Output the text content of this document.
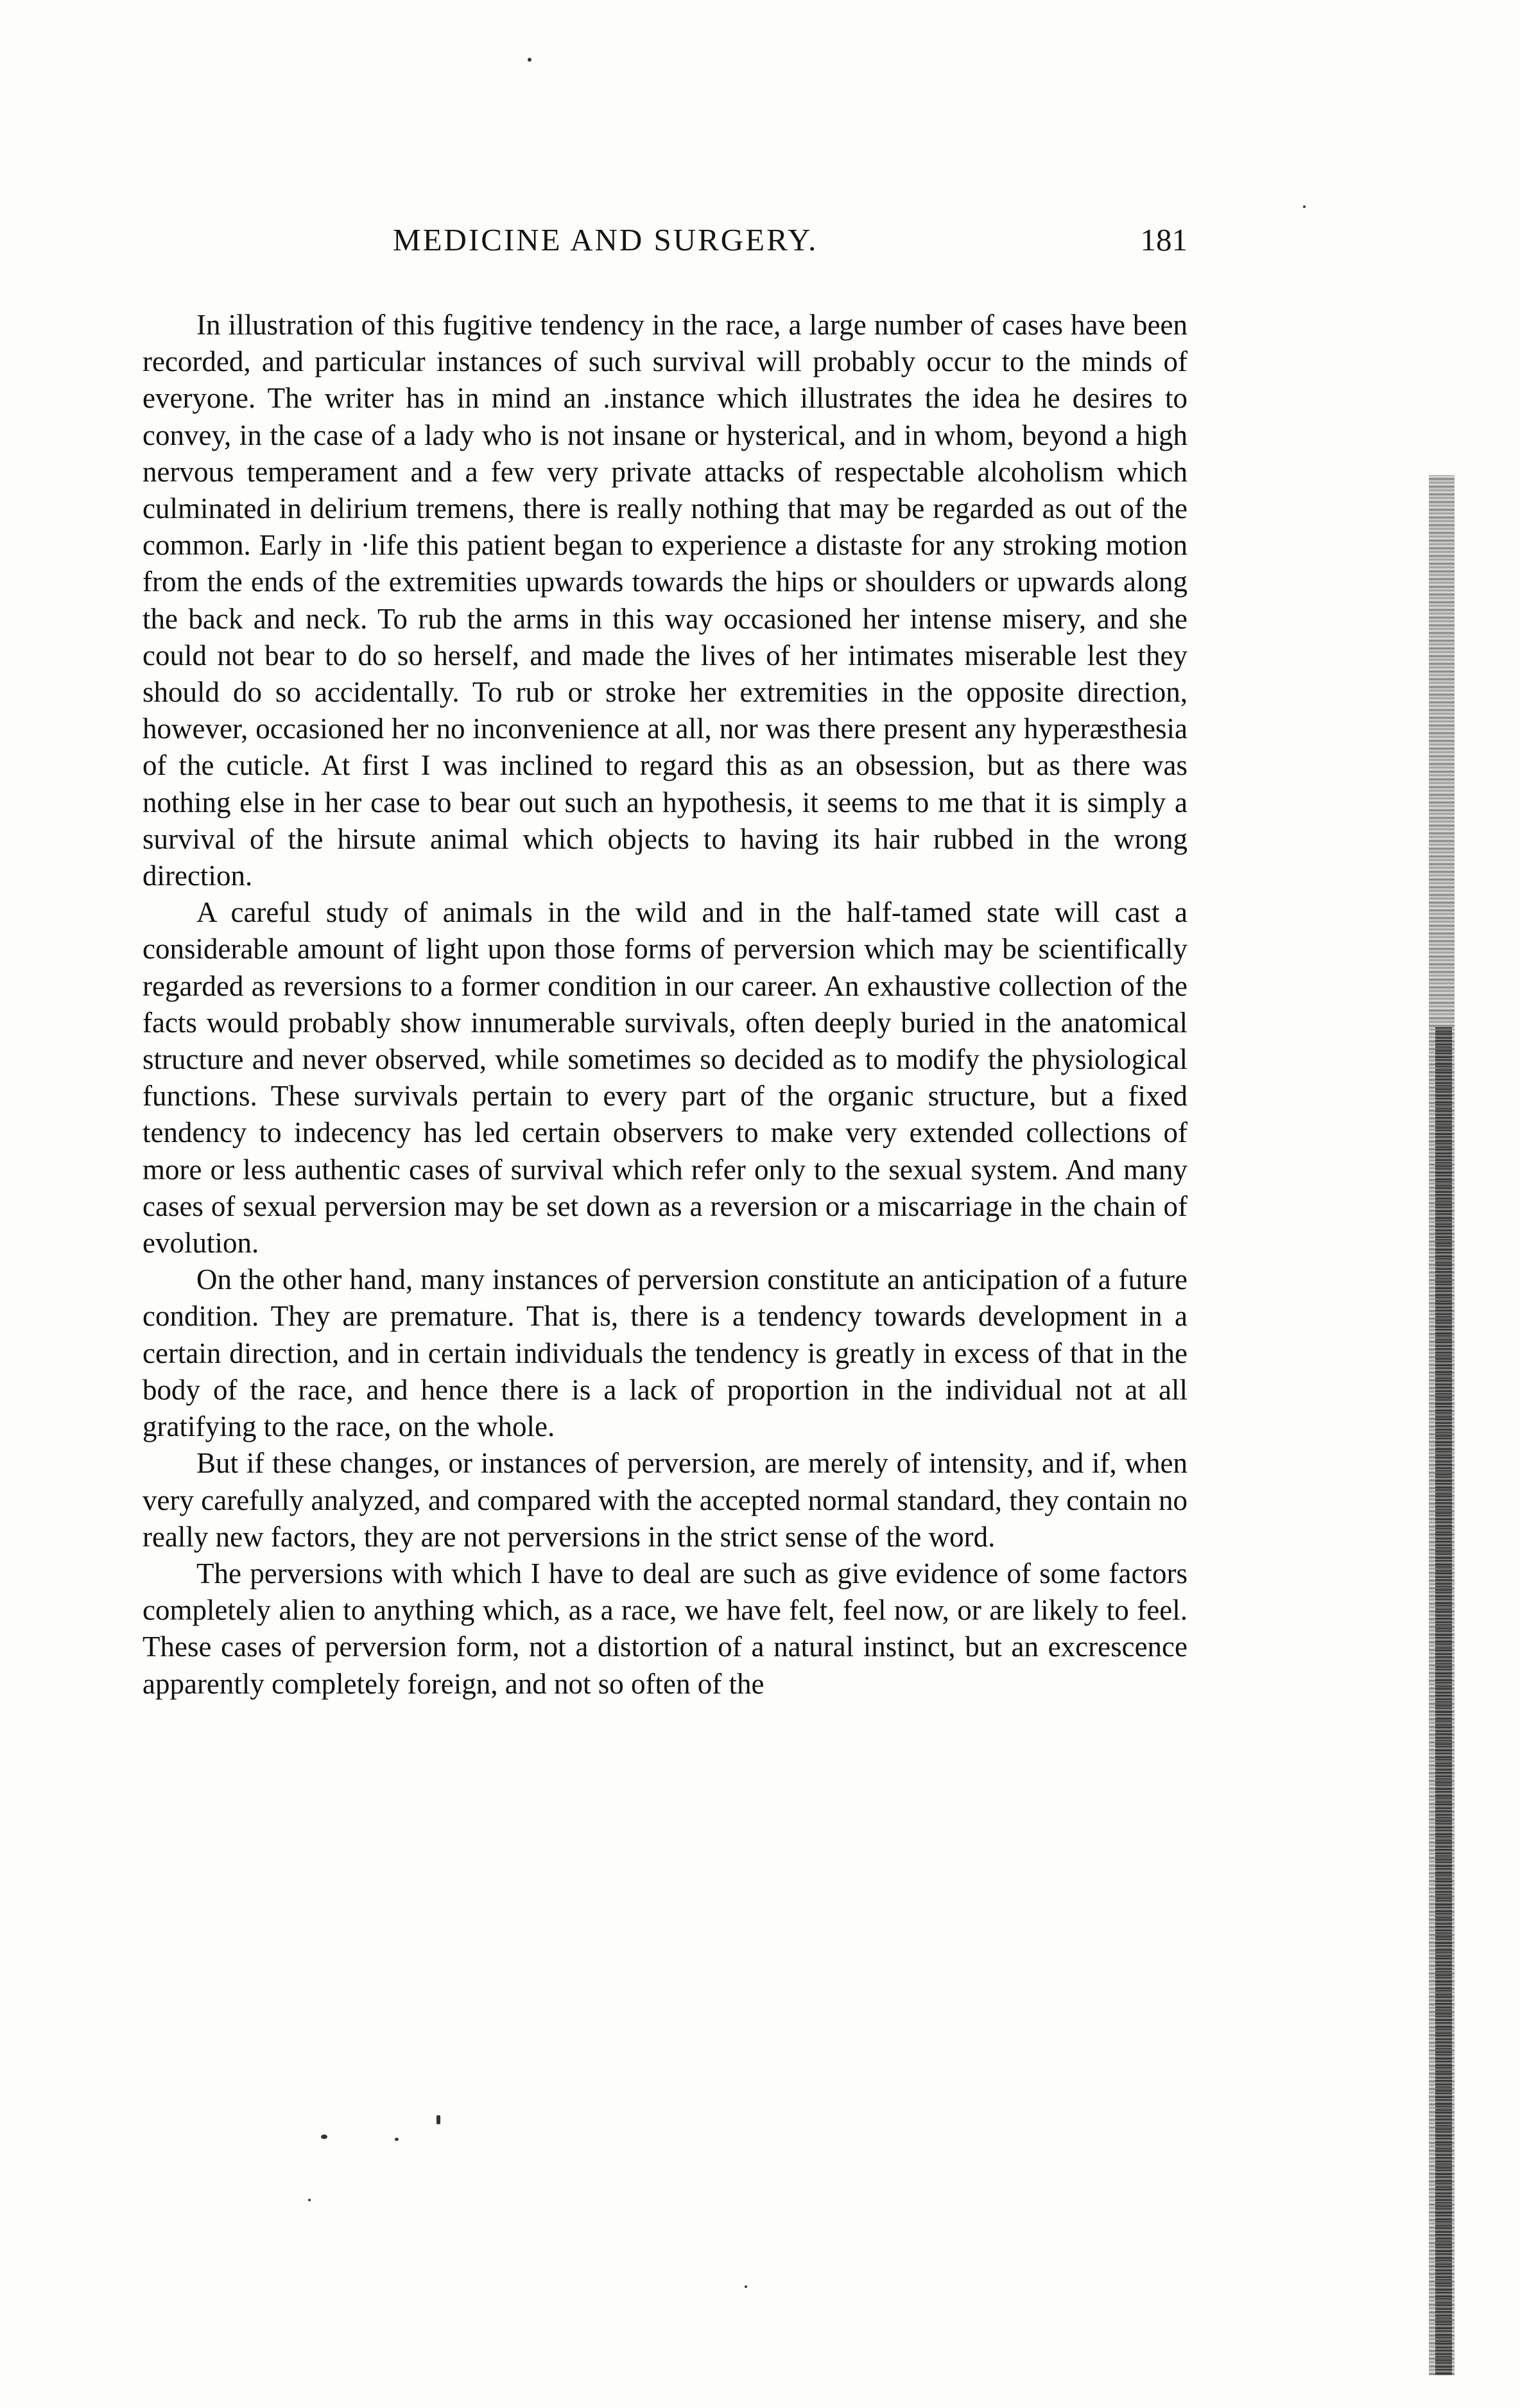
MEDICINE AND SURGERY.	181

In illustration of this fugitive tendency in the race, a large number of cases have been recorded, and particular instances of such survival will probably occur to the minds of everyone. The writer has in mind an .instance which illustrates the idea he desires to convey, in the case of a lady who is not insane or hysterical, and in whom, beyond a high nervous temperament and a few very private attacks of respectable alcoholism which culminated in delirium tremens, there is really nothing that may be regarded as out of the common. Early in ·life this patient began to experience a distaste for any stroking motion from the ends of the extremities upwards towards the hips or shoulders or upwards along the back and neck. To rub the arms in this way occasioned her intense misery, and she could not bear to do so herself, and made the lives of her intimates miserable lest they should do so accidentally. To rub or stroke her extremities in the opposite direction, however, occasioned her no inconvenience at all, nor was there present any hyperæsthesia of the cuticle. At first I was inclined to regard this as an obsession, but as there was nothing else in her case to bear out such an hypothesis, it seems to me that it is simply a survival of the hirsute animal which objects to having its hair rubbed in the wrong direction.

A careful study of animals in the wild and in the half-tamed state will cast a considerable amount of light upon those forms of perversion which may be scientifically regarded as reversions to a former condition in our career. An exhaustive collection of the facts would probably show innumerable survivals, often deeply buried in the anatomical structure and never observed, while sometimes so decided as to modify the physiological functions. These survivals pertain to every part of the organic structure, but a fixed tendency to indecency has led certain observers to make very extended collections of more or less authentic cases of survival which refer only to the sexual system. And many cases of sexual perversion may be set down as a reversion or a miscarriage in the chain of evolution.

On the other hand, many instances of perversion constitute an anticipation of a future condition. They are premature. That is, there is a tendency towards development in a certain direction, and in certain individuals the tendency is greatly in excess of that in the body of the race, and hence there is a lack of proportion in the individual not at all gratifying to the race, on the whole.

But if these changes, or instances of perversion, are merely of intensity, and if, when very carefully analyzed, and compared with the accepted normal standard, they contain no really new factors, they are not perversions in the strict sense of the word.

The perversions with which I have to deal are such as give evidence of some factors completely alien to anything which, as a race, we have felt, feel now, or are likely to feel. These cases of perversion form, not a distortion of a natural instinct, but an excrescence apparently completely foreign, and not so often of the
